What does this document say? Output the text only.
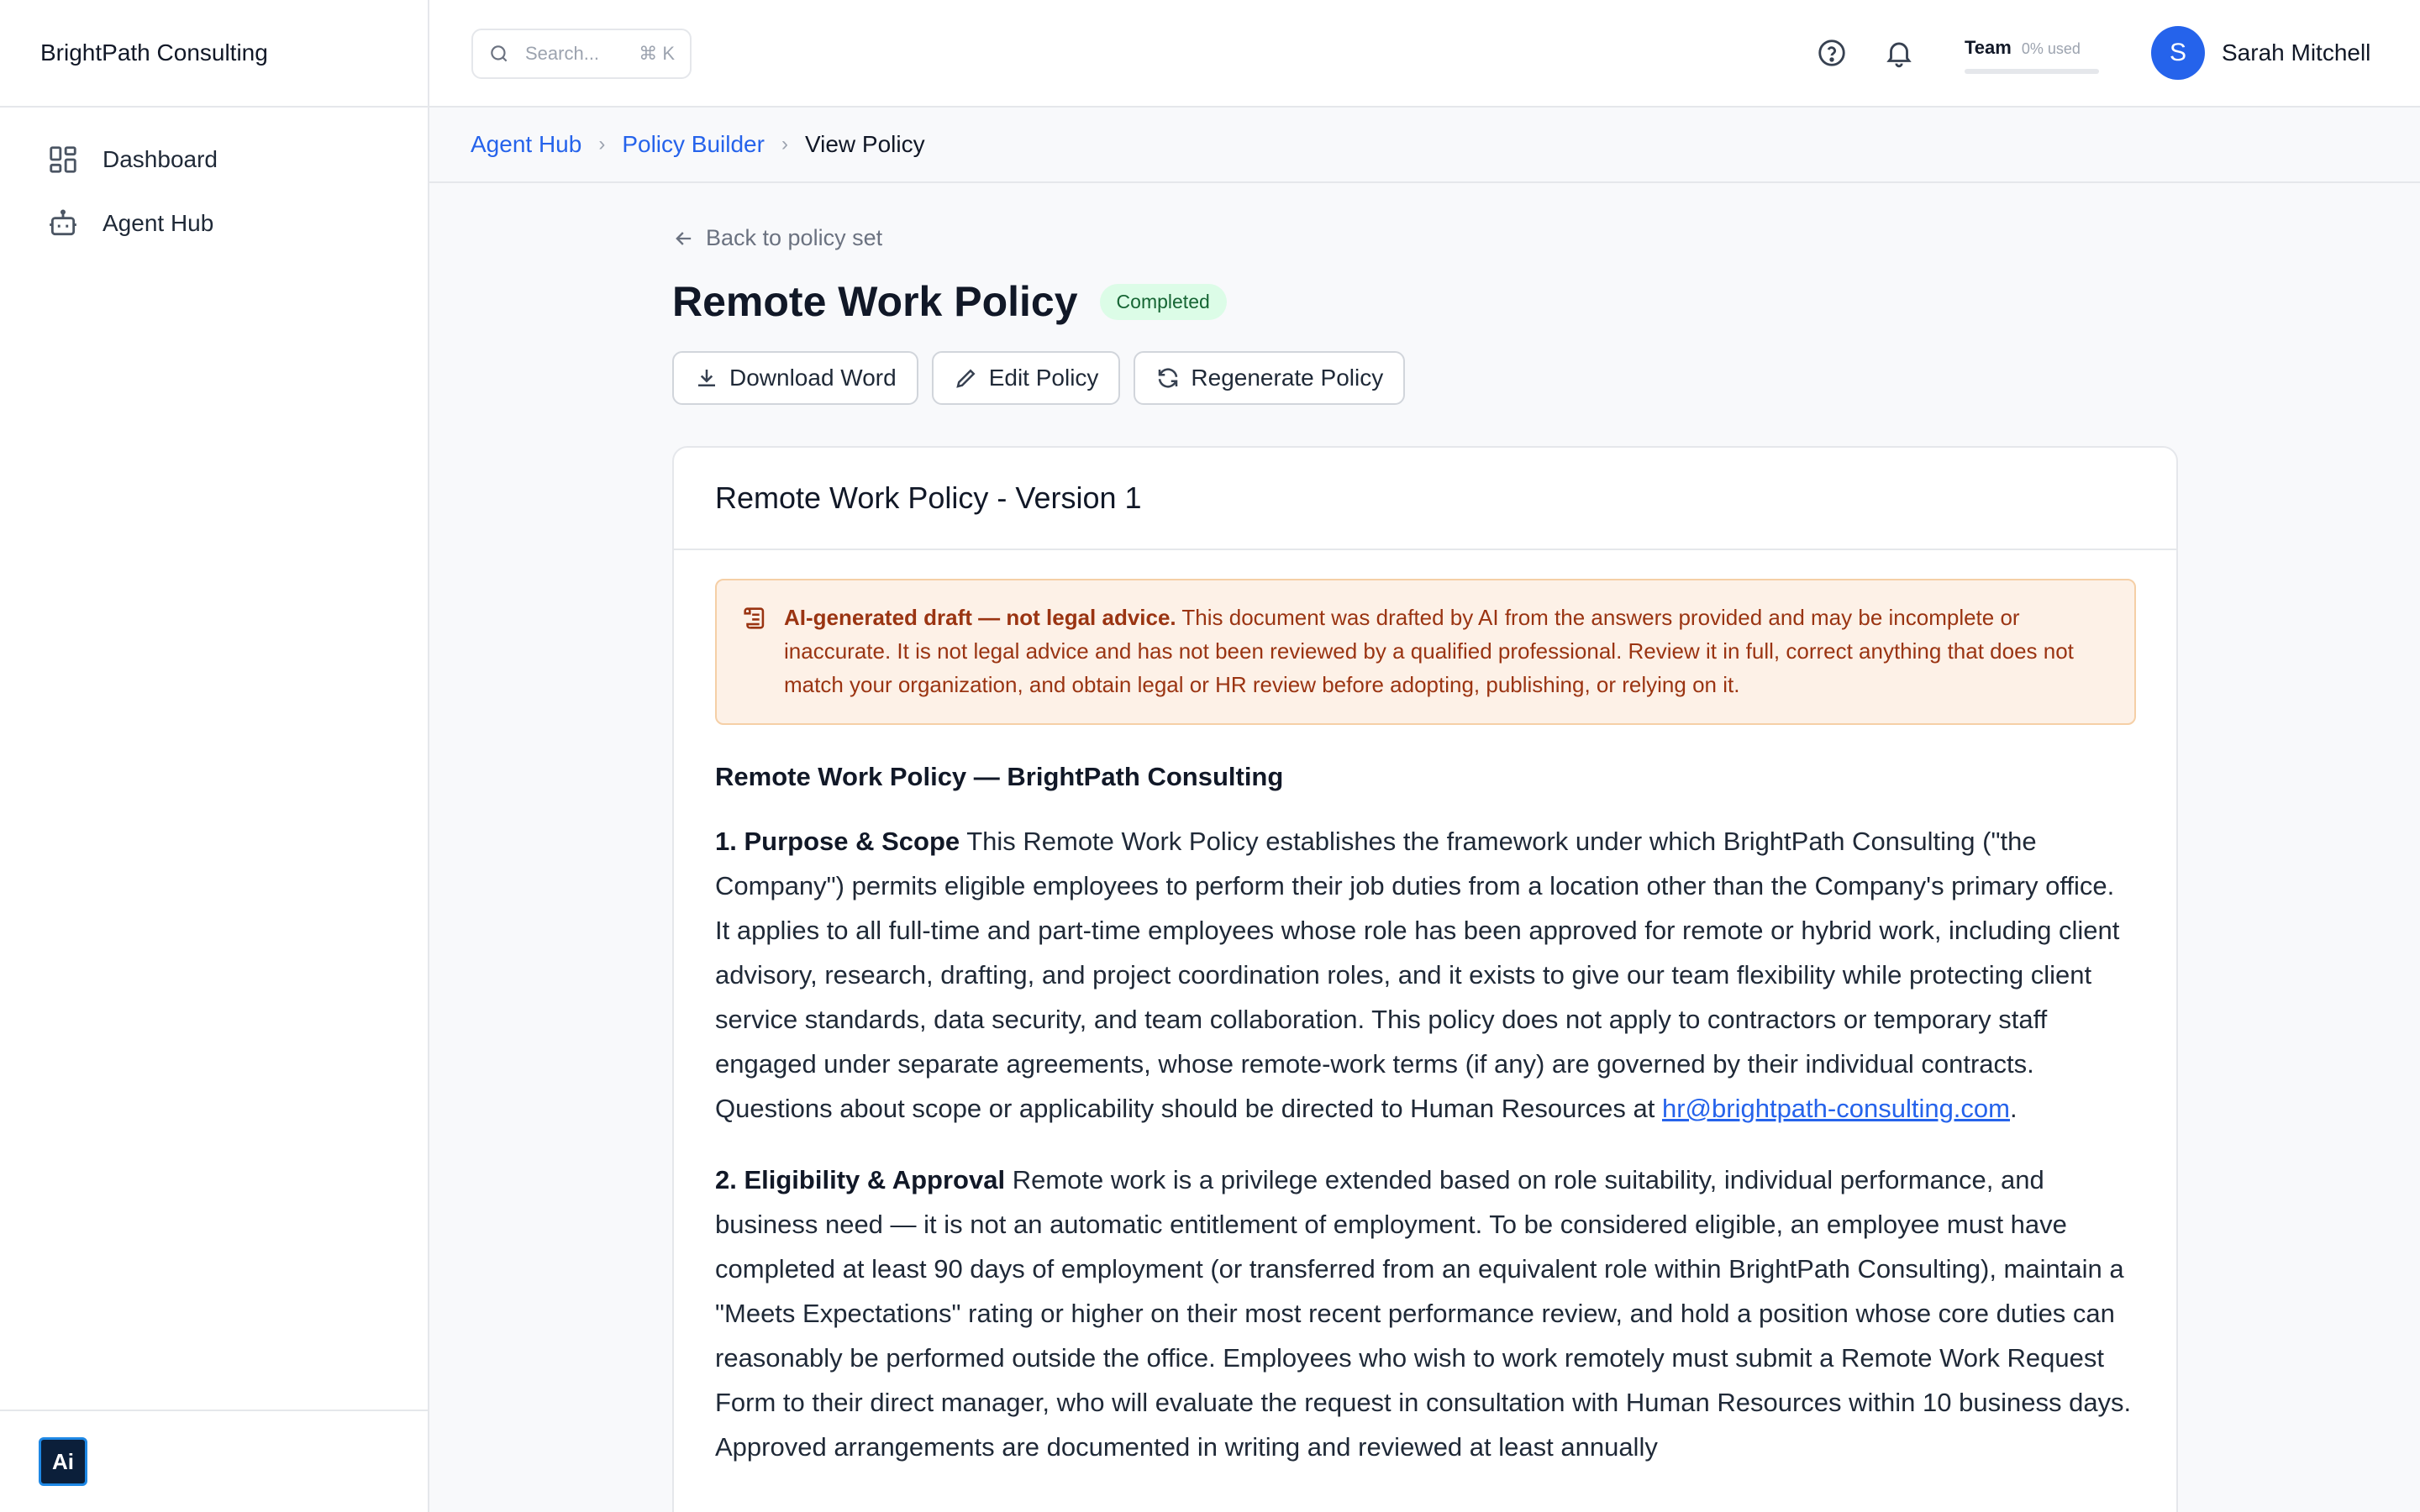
BrightPath Consulting
Dashboard
Agent Hub
Ai
Search... ⌘ K	Team 0% used	S	Sarah Mitchell
Agent Hub › Policy Builder › View Policy
Back to policy set
Remote Work Policy	Completed
Download Word	Edit Policy	Regenerate Policy
Remote Work Policy - Version 1
AI-generated draft — not legal advice. This document was drafted by AI from the answers provided and may be incomplete or inaccurate. It is not legal advice and has not been reviewed by a qualified professional. Review it in full, correct anything that does not match your organization, and obtain legal or HR review before adopting, publishing, or relying on it.
Remote Work Policy — BrightPath Consulting

1. Purpose & Scope This Remote Work Policy establishes the framework under which BrightPath Consulting ("the Company") permits eligible employees to perform their job duties from a location other than the Company's primary office. It applies to all full-time and part-time employees whose role has been approved for remote or hybrid work, including client advisory, research, drafting, and project coordination roles, and it exists to give our team flexibility while protecting client service standards, data security, and team collaboration. This policy does not apply to contractors or temporary staff engaged under separate agreements, whose remote-work terms (if any) are governed by their individual contracts. Questions about scope or applicability should be directed to Human Resources at hr@brightpath-consulting.com.

2. Eligibility & Approval Remote work is a privilege extended based on role suitability, individual performance, and business need — it is not an automatic entitlement of employment. To be considered eligible, an employee must have completed at least 90 days of employment (or transferred from an equivalent role within BrightPath Consulting), maintain a "Meets Expectations" rating or higher on their most recent performance review, and hold a position whose core duties can reasonably be performed outside the office. Employees who wish to work remotely must submit a Remote Work Request Form to their direct manager, who will evaluate the request in consultation with Human Resources within 10 business days. Approved arrangements are documented in writing and reviewed at least annually
